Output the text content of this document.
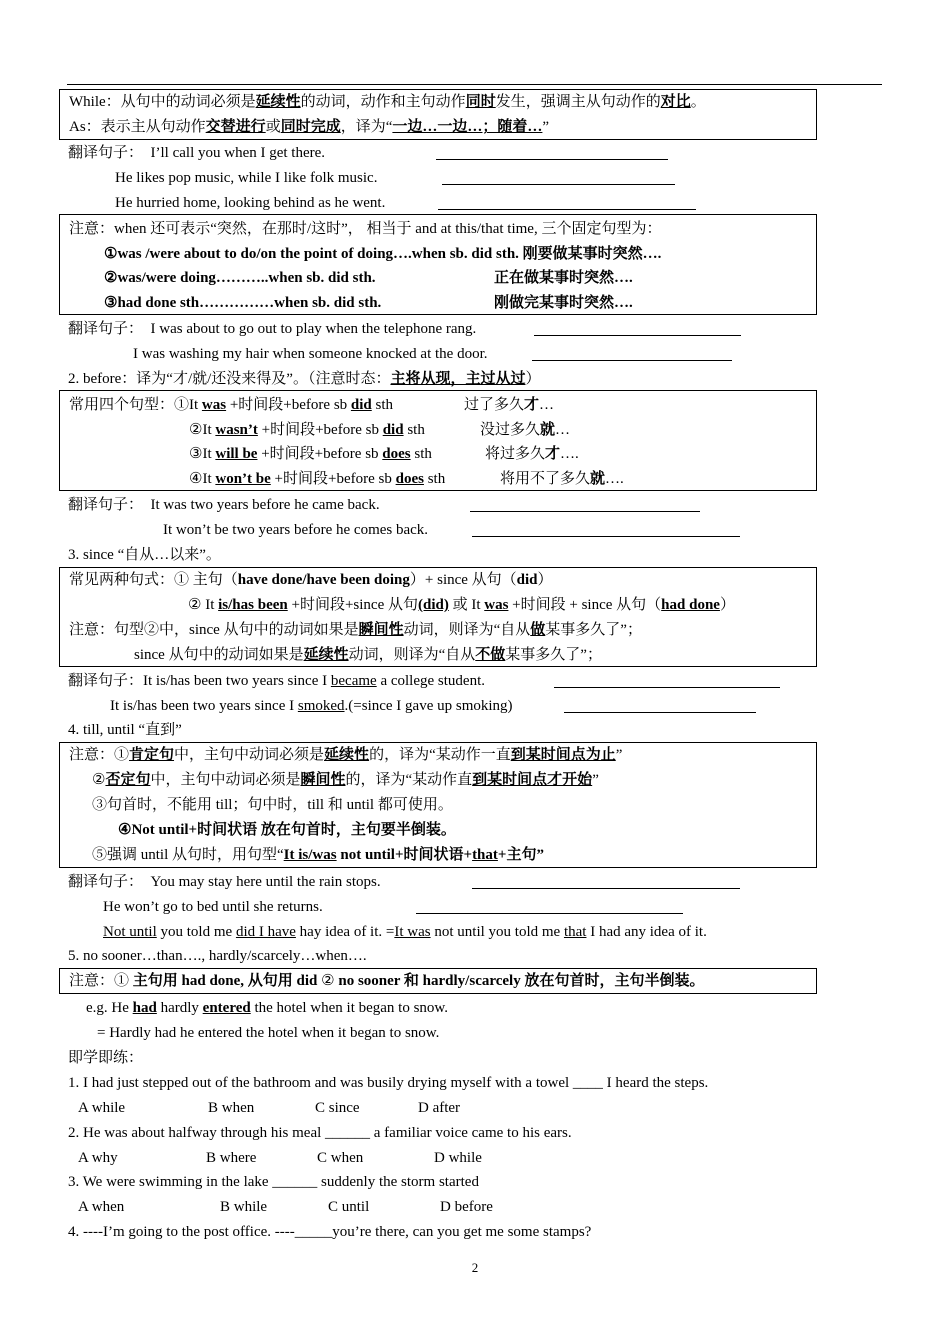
While：从句中的动词必须是延续性的动词，动作和主句动作同时发生，强调主从句动作的对比。
As：表示主从句动作交替进行或同时完成，译为“一边…一边…；随着…”
翻译句子： I’ll call you when I get there.
He likes pop music, while I like folk music.
He hurried home, looking behind as he went.
注意：when 还可表示“突然，在那时/这时”， 相当于 and at this/that time, 三个固定句型为：
①was /were about to do/on the point of doing….when sb. did sth. 刚要做某事时突然….
②was/were doing………..when sb. did sth.	正在做某事时突然….
③had done sth……………when sb. did sth.	刚做完某事时突然….
翻译句子： I was about to go out to play when the telephone rang.
I was washing my hair when someone knocked at the door.
2. before：译为“才/就/还没来得及”。（注意时态：主将从现，主过从过）
常用四个句型：①It was +时间段+before sb did sth	过了多久才…
②It wasn’t +时间段+before sb did sth	没过多久就…
③It will be +时间段+before sb does sth	将过多久才….
④It won’t be +时间段+before sb does sth	将用不了多久就….
翻译句子： It was two years before he came back.
It won’t be two years before he comes back.
3. since “自从…以来”。
常见两种句式：① 主句（have done/have been doing）+ since 从句（did）
② It is/has been +时间段+since 从句(did) 或 It was +时间段 + since 从句（had done）
注意：句型②中，since 从句中的动词如果是瞬间性动词，则译为“自从做某事多久了”；
since 从句中的动词如果是延续性动词，则译为“自从不做某事多久了”；
翻译句子：It is/has been two years since I became a college student.
It is/has been two years since I smoked.(=since I gave up smoking)
4. till, until “直到”
注意：①肯定句中，主句中动词必须是延续性的，译为“某动作一直到某时间点为止”
②否定句中，主句中动词必须是瞬间性的，译为“某动作直到某时间点才开始”
③句首时，不能用 till；句中时，till 和 until 都可使用。
④Not until+时间状语 放在句首时，主句要半倒装。
⑤强调 until 从句时，用句型“It is/was not until+时间状语+that+主句”
翻译句子： You may stay here until the rain stops.
He won’t go to bed until she returns.
Not until you told me did I have hay idea of it. =It was not until you told me that I had any idea of it.
5. no sooner…than…., hardly/scarcely…when….
注意：① 主句用 had done, 从句用 did ② no sooner 和 hardly/scarcely 放在句首时，主句半倒装。
e.g. He had hardly entered the hotel when it began to snow.
= Hardly had he entered the hotel when it began to snow.
即学即练：
1. I had just stepped out of the bathroom and was busily drying myself with a towel ____ I heard the steps.
A while	B when	C since	D after
2. He was about halfway through his meal ______ a familiar voice came to his ears.
A why	B where	C when	D while
3. We were swimming in the lake ______ suddenly the storm started
A when	B while	C until	D before
4. ----I’m going to the post office. ----_____you’re there, can you get me some stamps?
2
